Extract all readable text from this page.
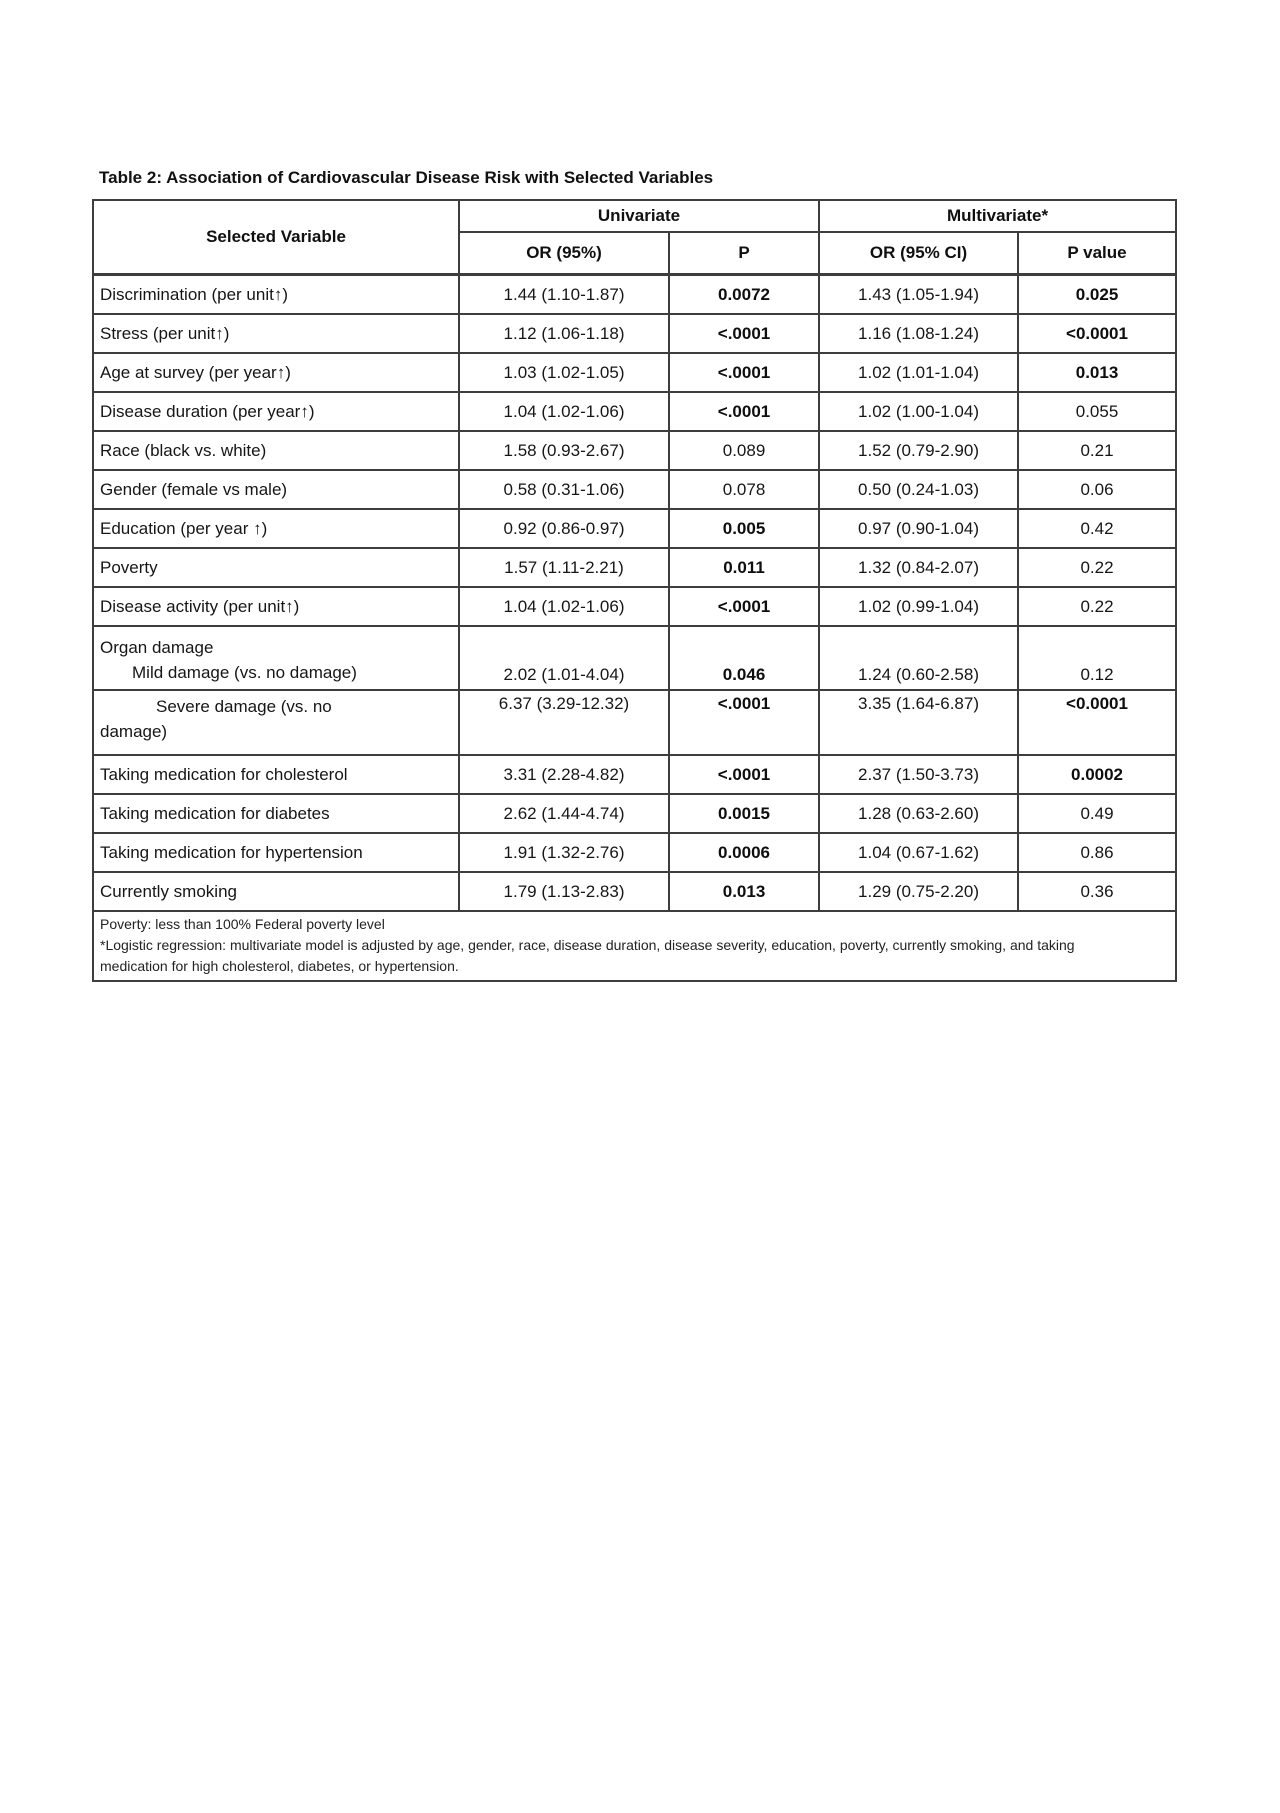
Table 2: Association of Cardiovascular Disease Risk with Selected Variables
Selected Variable	Univariate		Multivariate*	
	OR (95%)	P	OR (95% CI)	P value
Discrimination (per unit↑)	1.44 (1.10-1.87)	0.0072	1.43 (1.05-1.94)	0.025
Stress (per unit↑)	1.12 (1.06-1.18)	<.0001	1.16 (1.08-1.24)	<0.0001
Age at survey (per year↑)	1.03 (1.02-1.05)	<.0001	1.02 (1.01-1.04)	0.013
Disease duration (per year↑)	1.04 (1.02-1.06)	<.0001	1.02 (1.00-1.04)	0.055
Race (black vs. white)	1.58 (0.93-2.67)	0.089	1.52 (0.79-2.90)	0.21
Gender (female vs male)	0.58 (0.31-1.06)	0.078	0.50 (0.24-1.03)	0.06
Education (per year ↑)	0.92 (0.86-0.97)	0.005	0.97 (0.90-1.04)	0.42
Poverty	1.57 (1.11-2.21)	0.011	1.32 (0.84-2.07)	0.22
Disease activity (per unit↑)	1.04 (1.02-1.06)	<.0001	1.02 (0.99-1.04)	0.22

Organ damage
Mild damage (vs. no damage)	2.02 (1.01-4.04)	0.046	1.24 (0.60-2.58)	0.12

Severe damage (vs. no
damage)	6.37 (3.29-12.32)	<.0001	3.35 (1.64-6.87)	<0.0001
Taking medication for cholesterol	3.31 (2.28-4.82)	<.0001	2.37 (1.50-3.73)	0.0002
Taking medication for diabetes	2.62 (1.44-4.74)	0.0015	1.28 (0.63-2.60)	0.49
Taking medication for hypertension	1.91 (1.32-2.76)	0.0006	1.04 (0.67-1.62)	0.86
Currently smoking	1.79 (1.13-2.83)	0.013	1.29 (0.75-2.20)	0.36

Poverty: less than 100% Federal poverty level
*Logistic regression: multivariate model is adjusted by age, gender, race, disease duration, disease severity, education, poverty, currently smoking, and taking medication for high cholesterol, diabetes, or hypertension.				
